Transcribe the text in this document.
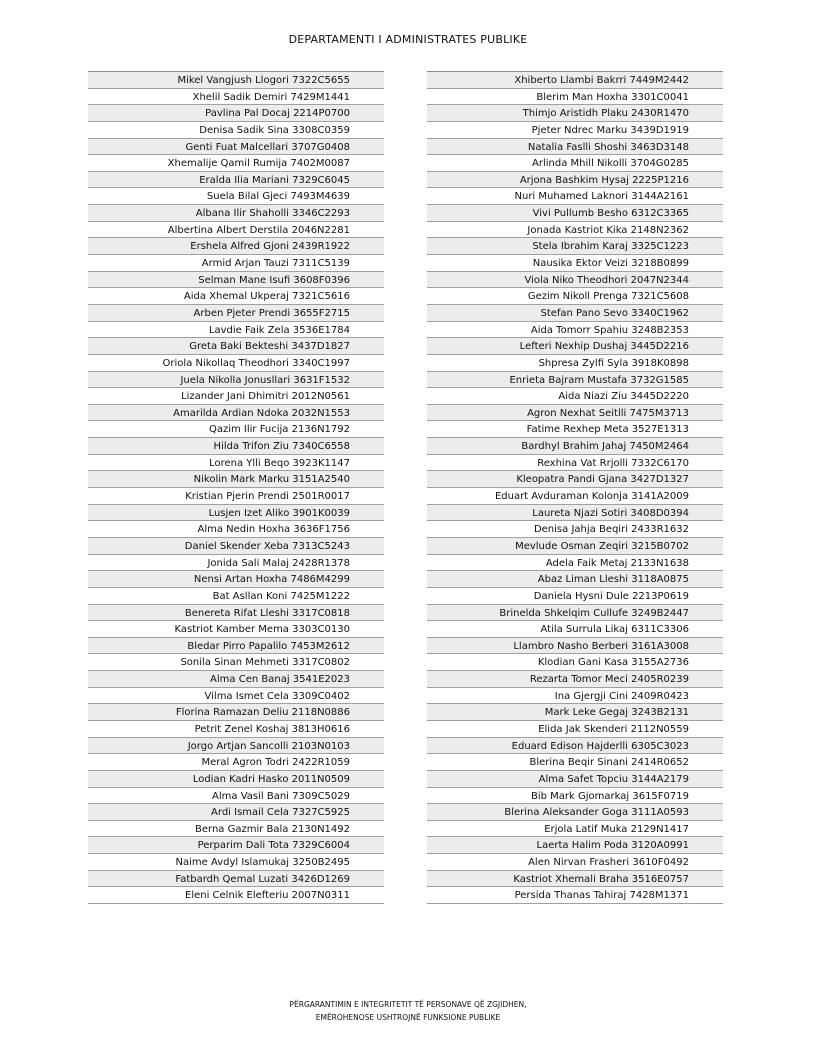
DEPARTAMENTI I ADMINISTRATES PUBLIKE
Mikel Vangjush Llogori 7322C5655
Xhelil Sadik Demiri 7429M1441
Pavlina Pal Docaj 2214P0700
Denisa Sadik Sina 3308C0359
Genti Fuat Malcellari 3707G0408
Xhemalije Qamil Rumija 7402M0087
Eralda Ilia Mariani 7329C6045
Suela Bilal Gjeci 7493M4639
Albana Ilir Shaholli 3346C2293
Albertina Albert Derstila 2046N2281
Ershela Alfred Gjoni 2439R1922
Armid Arjan Tauzi 7311C5139
Selman Mane Isufi 3608F0396
Aida Xhemal Ukperaj 7321C5616
Arben Pjeter Prendi 3655F2715
Lavdie Faik Zela 3536E1784
Greta Baki Bekteshi 3437D1827
Oriola Nikollaq Theodhori 3340C1997
Juela Nikolla Jonusllari 3631F1532
Lizander Jani Dhimitri 2012N0561
Amarilda Ardian Ndoka 2032N1553
Qazim Ilir Fucija 2136N1792
Hilda Trifon Ziu 7340C6558
Lorena Ylli Beqo 3923K1147
Nikolin Mark Marku 3151A2540
Kristian Pjerin Prendi 2501R0017
Lusjen Izet Aliko 3901K0039
Alma Nedin Hoxha 3636F1756
Daniel Skender Xeba 7313C5243
Jonida Sali Malaj 2428R1378
Nensi Artan Hoxha 7486M4299
Bat Asllan Koni 7425M1222
Benereta Rifat Lleshi 3317C0818
Kastriot Kamber Mema 3303C0130
Bledar Pirro Papalilo 7453M2612
Sonila Sinan Mehmeti 3317C0802
Alma Cen Banaj 3541E2023
Vilma Ismet Cela 3309C0402
Florina Ramazan Deliu 2118N0886
Petrit Zenel Koshaj 3813H0616
Jorgo Artjan Sancolli 2103N0103
Meral Agron Todri 2422R1059
Lodian Kadri Hasko 2011N0509
Alma Vasil Bani 7309C5029
Ardi Ismail Cela 7327C5925
Berna Gazmir Bala 2130N1492
Perparim Dali Tota 7329C6004
Naime Avdyl Islamukaj 3250B2495
Fatbardh Qemal Luzati 3426D1269
Eleni Celnik Elefteriu 2007N0311
Xhiberto Llambi Bakrri 7449M2442
Blerim Man Hoxha 3301C0041
Thimjo Aristidh Plaku 2430R1470
Pjeter Ndrec Marku 3439D1919
Natalia Faslli Shoshi 3463D3148
Arlinda Mhill Nikolli 3704G0285
Arjona Bashkim Hysaj 2225P1216
Nuri Muhamed Laknori 3144A2161
Vivi Pullumb Besho 6312C3365
Jonada Kastriot Kika 2148N2362
Stela Ibrahim Karaj 3325C1223
Nausika Ektor Veizi 3218B0899
Viola Niko Theodhori 2047N2344
Gezim Nikoll Prenga 7321C5608
Stefan Pano Sevo 3340C1962
Aida Tomorr Spahiu 3248B2353
Lefteri Nexhip Dushaj 3445D2216
Shpresa Zylfi Syla 3918K0898
Enrieta Bajram Mustafa 3732G1585
Aida Niazi Ziu 3445D2220
Agron Nexhat Seitlli 7475M3713
Fatime Rexhep Meta 3527E1313
Bardhyl Brahim Jahaj 7450M2464
Rexhina Vat Rrjolli 7332C6170
Kleopatra Pandi Gjana 3427D1327
Eduart Avduraman Kolonja 3141A2009
Laureta Njazi Sotiri 3408D0394
Denisa Jahja Beqiri 2433R1632
Mevlude Osman Zeqiri 3215B0702
Adela Faik Metaj 2133N1638
Abaz Liman Lleshi 3118A0875
Daniela Hysni Dule 2213P0619
Brinelda Shkelqim Cullufe 3249B2447
Atila Surrula Likaj 6311C3306
Llambro Nasho Berberi 3161A3008
Klodian Gani Kasa 3155A2736
Rezarta Tomor Meci 2405R0239
Ina Gjergji Cini 2409R0423
Mark Leke Gegaj 3243B2131
Elida Jak Skenderi 2112N0559
Eduard Edison Hajderlli 6305C3023
Blerina Beqir Sinani 2414R0652
Alma Safet Topciu 3144A2179
Bib Mark Gjomarkaj 3615F0719
Blerina Aleksander Goga 3111A0593
Erjola Latif Muka 2129N1417
Laerta Halim Poda 3120A0991
Alen Nirvan Frasheri 3610F0492
Kastriot Xhemali Braha 3516E0757
Persida Thanas Tahiraj 7428M1371
PËRGARANTIMIN E INTEGRITETIT TË PERSONAVE QË ZGJIDHEN,
EMËROHENOSE USHTROJNË FUNKSIONE PUBLIKE
